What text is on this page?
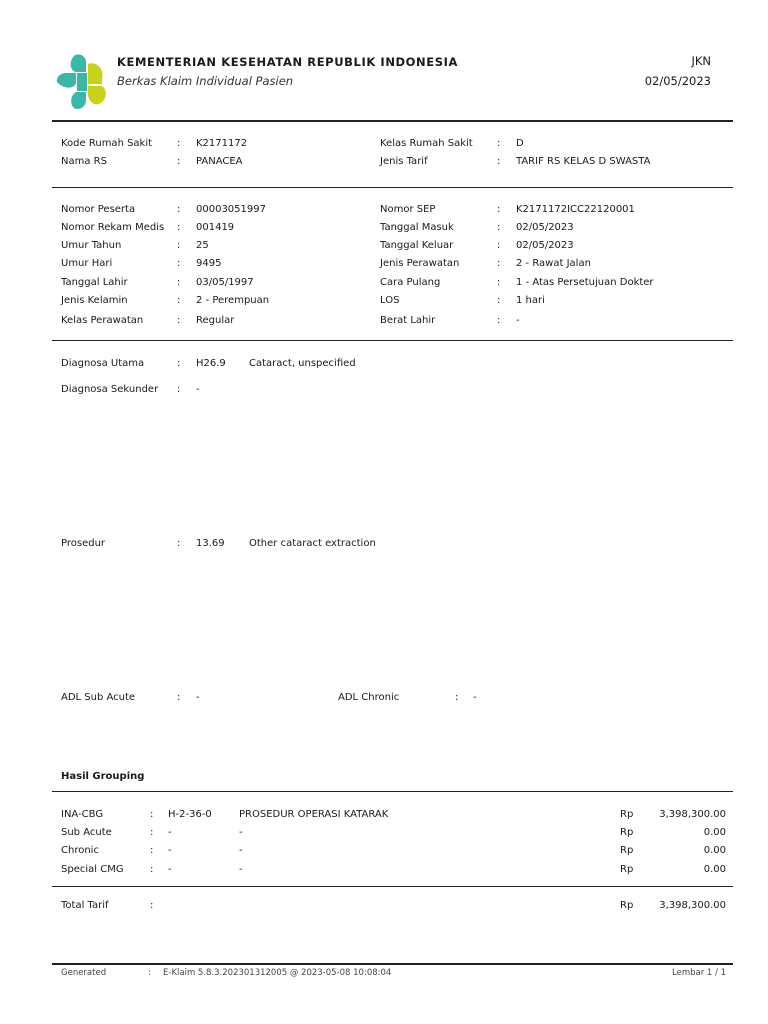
KEMENTERIAN KESEHATAN REPUBLIK INDONESIA
Berkas Klaim Individual Pasien
JKN
02/05/2023
Kode Rumah Sakit : K2171172
Nama RS	: PANACEA
Kelas Rumah Sakit : D
Jenis Tarif	: TARIF RS KELAS D SWASTA
Nomor Peserta	: 00003051997
Nomor Rekam Medis : 001419
Umur Tahun	: 25
Umur Hari	: 9495
Tanggal Lahir	: 03/05/1997
Jenis Kelamin	: 2 - Perempuan
Kelas Perawatan	: Regular
Nomor SEP	: K2171172ICC22120001
Tanggal Masuk	: 02/05/2023
Tanggal Keluar	: 02/05/2023
Jenis Perawatan	: 2 - Rawat Jalan
Cara Pulang	: 1 - Atas Persetujuan Dokter
LOS	: 1 hari
Berat Lahir	: -
Diagnosa Utama	: H26.9 Cataract, unspecified
Diagnosa Sekunder : -
Prosedur	: 13.69 Other cataract extraction
ADL Sub Acute	: -	ADL Chronic	: -
Hasil Grouping
INA-CBG	: H-2-36-0	PROSEDUR OPERASI KATARAK	Rp	3,398,300.00
Sub Acute	: -	-	Rp	0.00
Chronic	: -	-	Rp	0.00
Special CMG	: -	-	Rp	0.00
Total Tarif	:	Rp	3,398,300.00
Generated	: E-Klaim 5.8.3.202301312005 @ 2023-05-08 10:08:04	Lembar 1 / 1
